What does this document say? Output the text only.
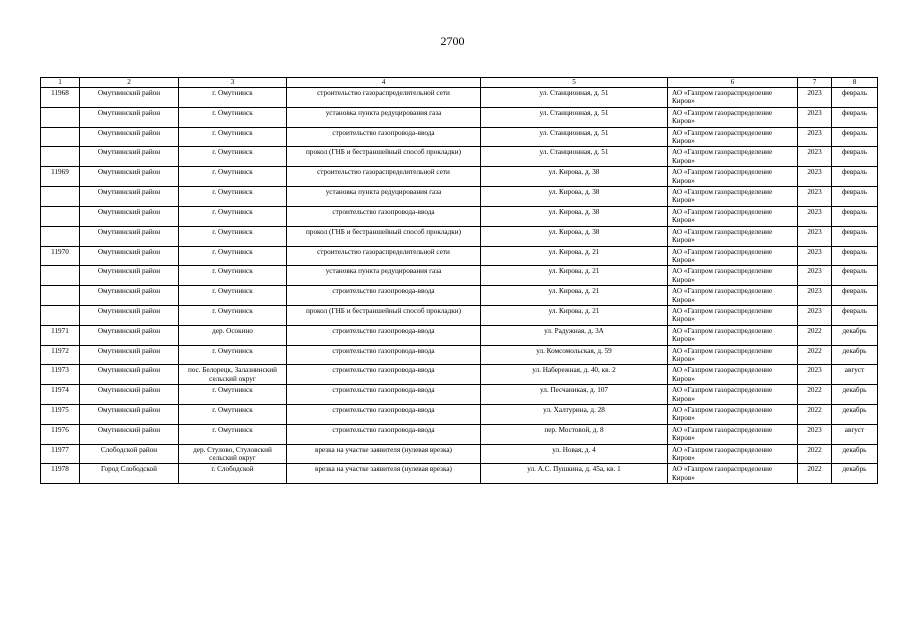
2700
1	2	3	4	5	6	7	8
11968	Омутнинский район	г. Омутнинск	строительство газораспределительной сети	ул. Станционная, д. 51	АО «Газпром газораспределение Киров»	2023	февраль
	Омутнинский район	г. Омутнинск	установка пункта редуцирования газа	ул. Станционная, д. 51	АО «Газпром газораспределение Киров»	2023	февраль
	Омутнинский район	г. Омутнинск	строительство газопровода-ввода	ул. Станционная, д. 51	АО «Газпром газораспределение Киров»	2023	февраль
	Омутнинский район	г. Омутнинск	прокол (ГНБ и бестраншейный способ прокладки)	ул. Станционная, д. 51	АО «Газпром газораспределение Киров»	2023	февраль
11969	Омутнинский район	г. Омутнинск	строительство газораспределительной сети	ул. Кирова, д. 38	АО «Газпром газораспределение Киров»	2023	февраль
	Омутнинский район	г. Омутнинск	установка пункта редуцирования газа	ул. Кирова, д. 38	АО «Газпром газораспределение Киров»	2023	февраль
	Омутнинский район	г. Омутнинск	строительство газопровода-ввода	ул. Кирова, д. 38	АО «Газпром газораспределение Киров»	2023	февраль
	Омутнинский район	г. Омутнинск	прокол (ГНБ и бестраншейный способ прокладки)	ул. Кирова, д. 38	АО «Газпром газораспределение Киров»	2023	февраль
11970	Омутнинский район	г. Омутнинск	строительство газораспределительной сети	ул. Кирова, д. 21	АО «Газпром газораспределение Киров»	2023	февраль
	Омутнинский район	г. Омутнинск	установка пункта редуцирования газа	ул. Кирова, д. 21	АО «Газпром газораспределение Киров»	2023	февраль
	Омутнинский район	г. Омутнинск	строительство газопровода-ввода	ул. Кирова, д. 21	АО «Газпром газораспределение Киров»	2023	февраль
	Омутнинский район	г. Омутнинск	прокол (ГНБ и бестраншейный способ прокладки)	ул. Кирова, д. 21	АО «Газпром газораспределение Киров»	2023	февраль
11971	Омутнинский район	дер. Осокино	строительство газопровода-ввода	ул. Радужная, д. 3А	АО «Газпром газораспределение Киров»	2022	декабрь
11972	Омутнинский район	г. Омутнинск	строительство газопровода-ввода	ул. Комсомольская, д. 59	АО «Газпром газораспределение Киров»	2022	декабрь
11973	Омутнинский район	пос. Белорецк, Залазнинский сельский округ	строительство газопровода-ввода	ул. Набережная, д. 40, кв. 2	АО «Газпром газораспределение Киров»	2023	август
11974	Омутнинский район	г. Омутнинск	строительство газопровода-ввода	ул. Песчаникая, д. 107	АО «Газпром газораспределение Киров»	2022	декабрь
11975	Омутнинский район	г. Омутнинск	строительство газопровода-ввода	ул. Халтурина, д. 28	АО «Газпром газораспределение Киров»	2022	декабрь
11976	Омутнинский район	г. Омутнинск	строительство газопровода-ввода	пер. Мостовой, д. 8	АО «Газпром газораспределение Киров»	2023	август
11977	Слободской район	дер. Стулово, Стуловский сельский округ	врезка на участке заявителя (нулевая врезка)	ул. Новая, д. 4	АО «Газпром газораспределение Киров»	2022	декабрь
11978	Город Слободской	г. Слободской	врезка на участке заявителя (нулевая врезка)	ул. А.С. Пушкина, д. 45а, кв. 1	АО «Газпром газораспределение Киров»	2022	декабрь
